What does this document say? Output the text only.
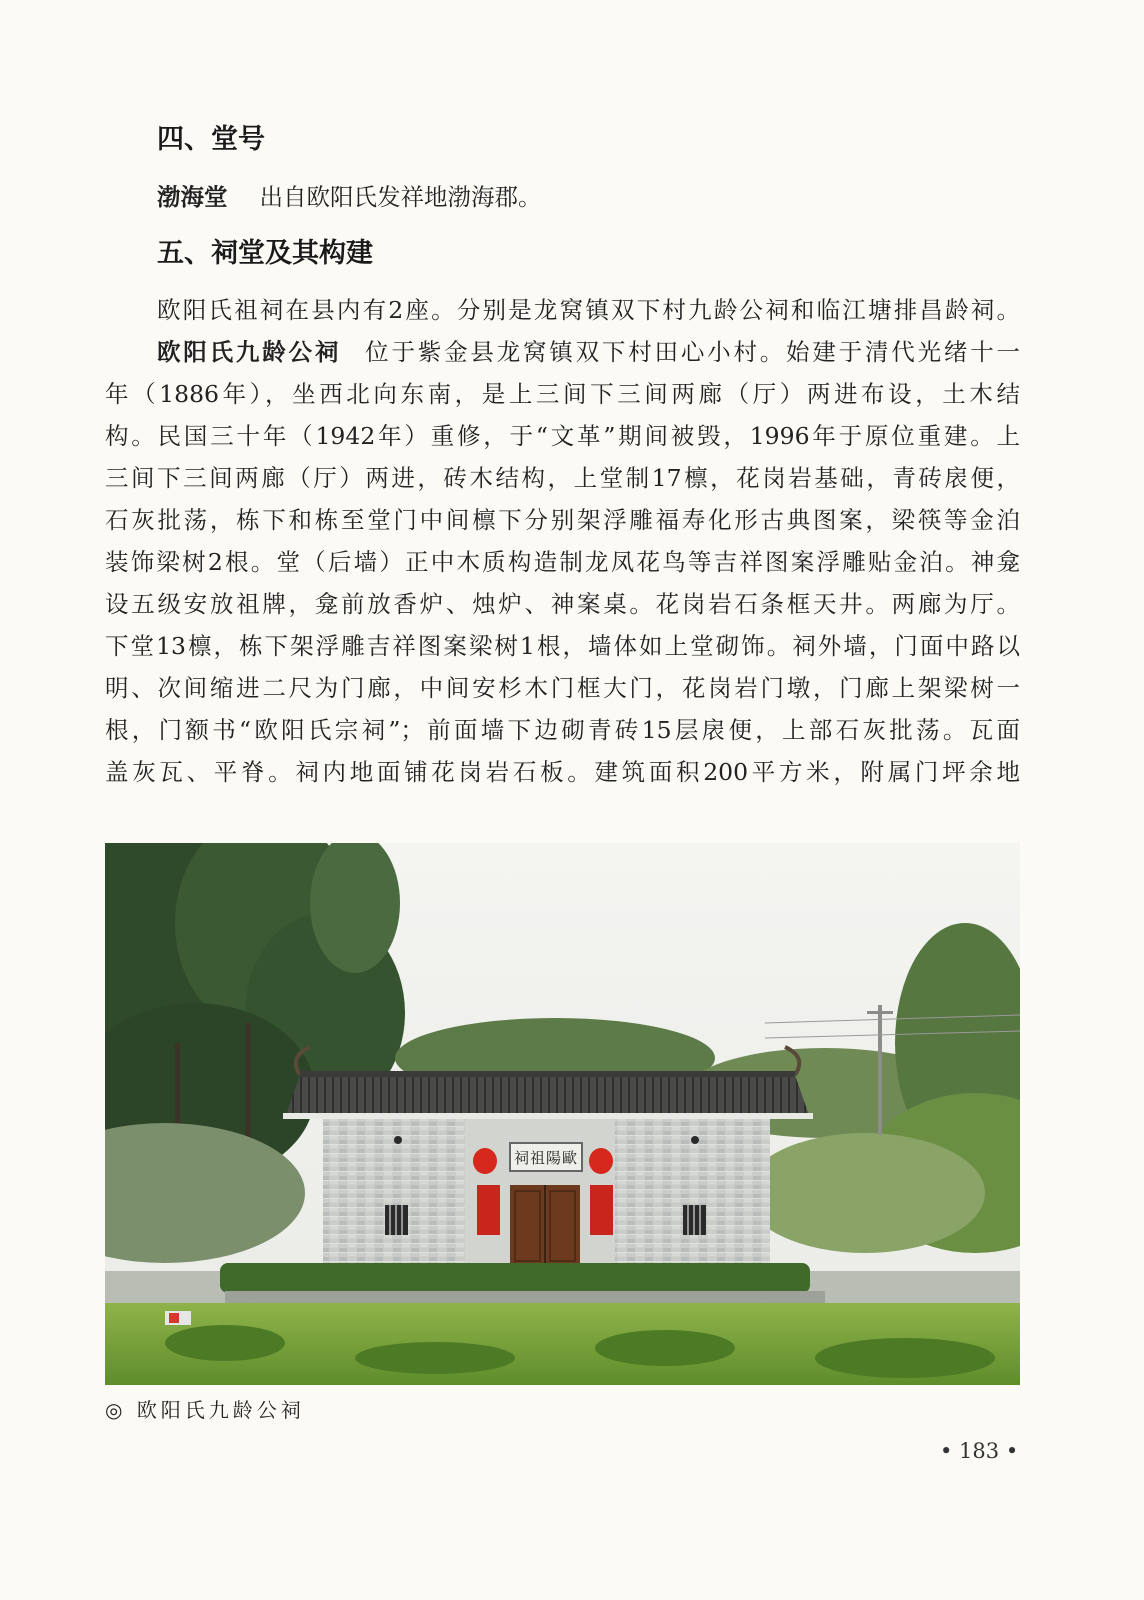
四、堂号
渤海堂 出自欧阳氏发祥地渤海郡。
五、祠堂及其构建
欧阳氏祖祠在县内有2座。分别是龙窝镇双下村九龄公祠和临江塘排昌龄祠。
欧阳氏九龄公祠 位于紫金县龙窝镇双下村田心小村。始建于清代光绪十一
年（1886年），坐西北向东南，是上三间下三间两廊（厅）两进布设，土木结
构。民国三十年（1942年）重修，于“文革”期间被毁，1996年于原位重建。上
三间下三间两廊（厅）两进，砖木结构，上堂制17檩，花岗岩基础，青砖扆便，
石灰批荡，栋下和栋至堂门中间檩下分别架浮雕福寿化形古典图案，梁筷等金泊
装饰梁树2根。堂（后墙）正中木质构造制龙凤花鸟等吉祥图案浮雕贴金泊。神龛
设五级安放祖牌，龛前放香炉、烛炉、神案桌。花岗岩石条框天井。两廊为厅。
下堂13檩，栋下架浮雕吉祥图案梁树1根，墙体如上堂砌饰。祠外墙，门面中路以
明、次间缩进二尺为门廊，中间安杉木门框大门，花岗岩门墩，门廊上架梁树一
根，门额书“欧阳氏宗祠”；前面墙下边砌青砖15层扆便，上部石灰批荡。瓦面
盖灰瓦、平脊。祠内地面铺花岗岩石板。建筑面积200平方米，附属门坪余地
祠祖陽歐
◎ 欧阳氏九龄公祠
• 183 •
